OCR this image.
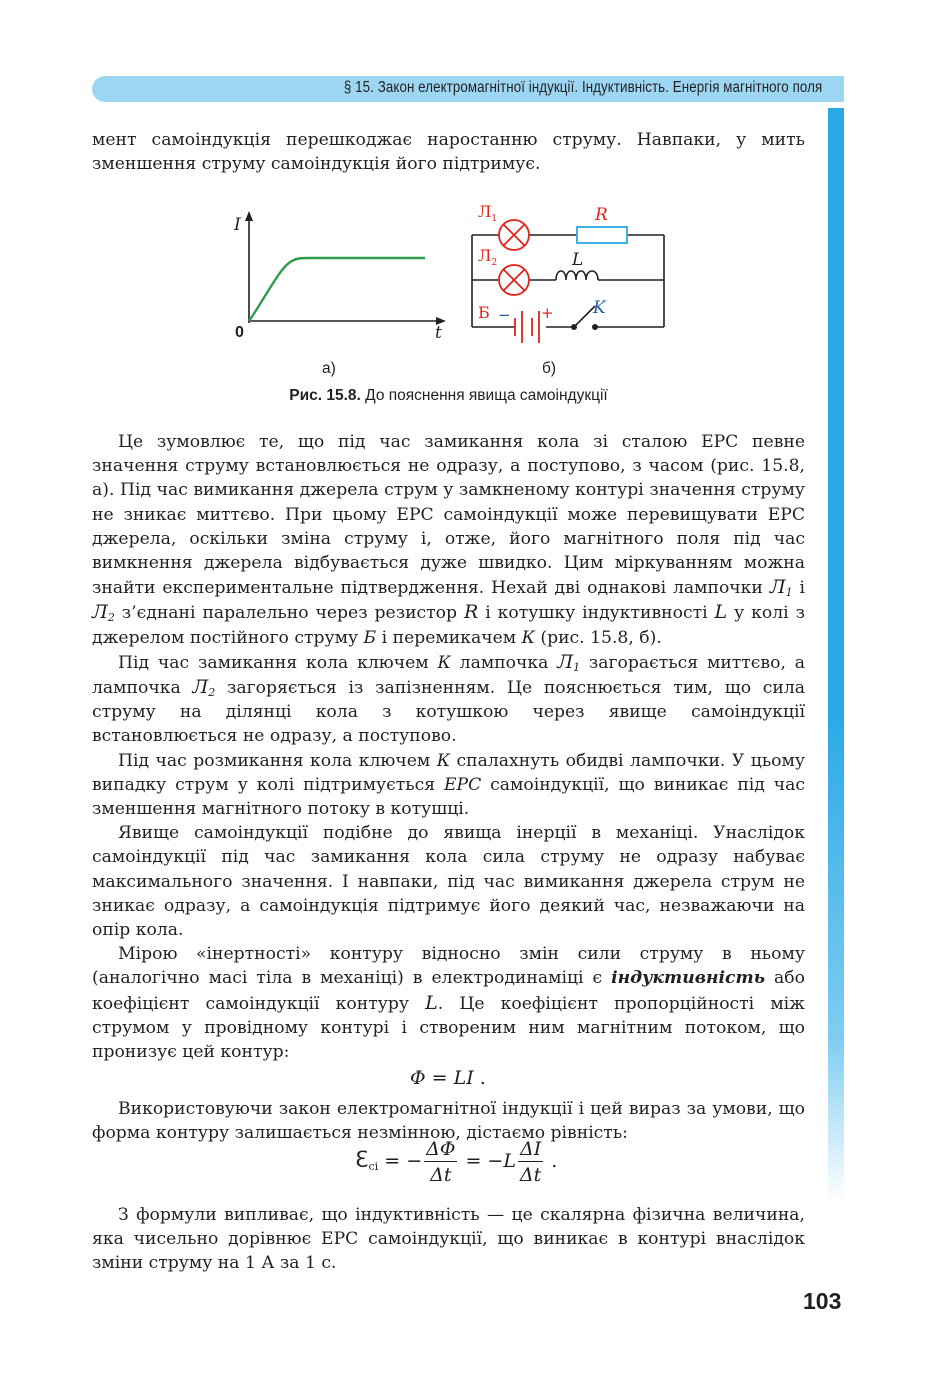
§ 15. Закон електромагнітної індукції. Індуктивність. Енергія магнітного поля

мент самоіндукція перешкоджає наростанню струму. Навпаки, у мить зменшення струму самоіндукція його підтримує.

I
t
0
$Л_1$
$Л_2$
R
L
Б − + K
а)	б)
Рис. 15.8. До пояснення явища самоіндукції

Це зумовлює те, що під час замикання кола зі сталою ЕРС певне значення струму встановлюється не одразу, а поступово, з часом (рис. 15.8, а). Під час вимикання джерела струм у замкненому контурі значення струму не зникає миттєво. При цьому ЕРС самоіндукції може перевищувати ЕРС джерела, оскільки зміна струму і, отже, його магнітного поля під час вимкнення джерела відбувається дуже швидко. Цим міркуванням можна знайти експериментальне підтвердження. Нехай дві однакові лампочки $Л_1$ і $Л_2$ з’єднані паралельно через резистор R і котушку індуктивності L у колі з джерелом постійного струму Б і перемикачем К (рис. 15.8, б).

Під час замикання кола ключем К лампочка $Л_1$ загорається миттєво, а лампочка $Л_2$ загоряється із запізненням. Це пояснюється тим, що сила струму на ділянці кола з котушкою через явище самоіндукції встановлюється не одразу, а поступово.

Під час розмикання кола ключем К спалахнуть обидві лампочки. У цьому випадку струм у колі підтримується ЕРС самоіндукції, що виникає під час зменшення магнітного потоку в котушці.

Явище самоіндукції подібне до явища інерції в механіці. Унаслідок самоіндукції під час замикання кола сила струму не одразу набуває максимального значення. І навпаки, під час вимикання джерела струм не зникає одразу, а самоіндукція підтримує його деякий час, незважаючи на опір кола.

Мірою «інертності» контуру відносно змін сили струму в ньому (аналогічно масі тіла в механіці) в електродинаміці є індуктивність або коефіцієнт самоіндукції контуру L. Це коефіцієнт пропорційності між струмом у провідному контурі і створеним ним магнітним потоком, що пронизує цей контур:

Φ = LI .

Використовуючи закон електромагнітної індукції і цей вираз за умови, що форма контуру залишається незмінною, дістаємо рівність:

ℇ$_{сі}$ = − $\frac{\Delta\Phi}{\Delta t} = -L \frac{\Delta I}{\Delta t}$ .

З формули випливає, що індуктивність — це скалярна фізична величина, яка чисельно дорівнює ЕРС самоіндукції, що виникає в контурі внаслідок зміни струму на 1 А за 1 с.

103
